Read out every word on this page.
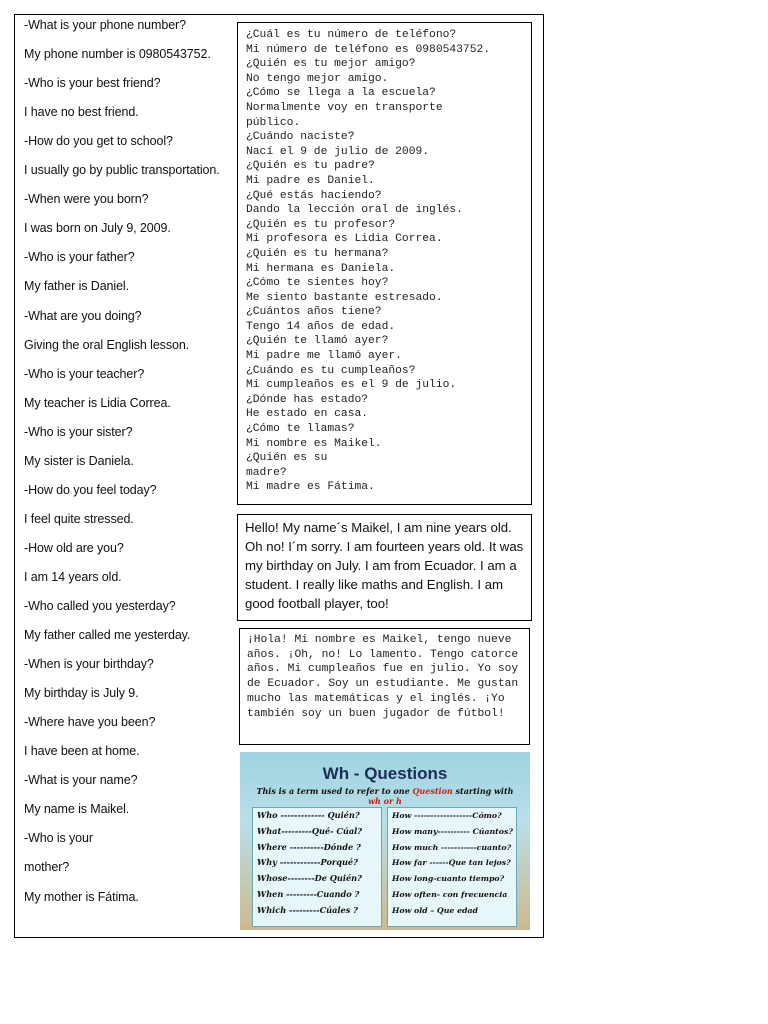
-What is your phone number?
My phone number is 0980543752.
-Who is your best friend?
I have no best friend.
-How do you get to school?
I usually go by public transportation.
-When were you born?
I was born on July 9, 2009.
-Who is your father?
My father is Daniel.
-What are you doing?
Giving the oral English lesson.
-Who is your teacher?
My teacher is Lidia Correa.
-Who is your sister?
My sister is Daniela.
-How do you feel today?
I feel quite stressed.
-How old are you?
I am 14 years old.
-Who called you yesterday?
My father called me yesterday.
-When is your birthday?
My birthday is July 9.
-Where have you been?
I have been at home.
-What is your name?
My name is Maikel.
-Who is your
mother?
My mother is Fátima.
¿Cuál es tu número de teléfono?
Mi número de teléfono es 0980543752.
¿Quién es tu mejor amigo?
No tengo mejor amigo.
¿Cómo se llega a la escuela?
Normalmente voy en transporte
público.
¿Cuándo naciste?
Nací el 9 de julio de 2009.
¿Quién es tu padre?
Mi padre es Daniel.
¿Qué estás haciendo?
Dando la lección oral de inglés.
¿Quién es tu profesor?
Mi profesora es Lidia Correa.
¿Quién es tu hermana?
Mi hermana es Daniela.
¿Cómo te sientes hoy?
Me siento bastante estresado.
¿Cuántos años tiene?
Tengo 14 años de edad.
¿Quién te llamó ayer?
Mi padre me llamó ayer.
¿Cuándo es tu cumpleaños?
Mi cumpleaños es el 9 de julio.
¿Dónde has estado?
He estado en casa.
¿Cómo te llamas?
Mi nombre es Maikel.
¿Quién es su
madre?
Mi madre es Fátima.
Hello! My name´s Maikel, I am nine years old. Oh no! I´m sorry. I am fourteen years old. It was my birthday on July. I am from Ecuador. I am a student. I really like maths and English. I am good football player, too!
¡Hola! Mi nombre es Maikel, tengo nueve años. ¡Oh, no! Lo lamento. Tengo catorce años. Mi cumpleaños fue en julio. Yo soy de Ecuador. Soy un estudiante. Me gustan mucho las matemáticas y el inglés. ¡Yo también soy un buen jugador de fútbol!
Wh - Questions
This is a term used to refer to one Question starting with
wh or h
Who ------------- Quién?
What---------Qué- Cúal?
Where ----------Dónde ?
Why ------------Porqué?
Whose--------De Quién?
When ---------Cuando ?
Which ---------Cúales ?
How ------------------Cómo?
How many---------- Cúantos?
How much -----------cuanto?
How far ------Que tan lejos?
How long-cuanto tiempo?
How often- con frecuencia
How old – Que edad
